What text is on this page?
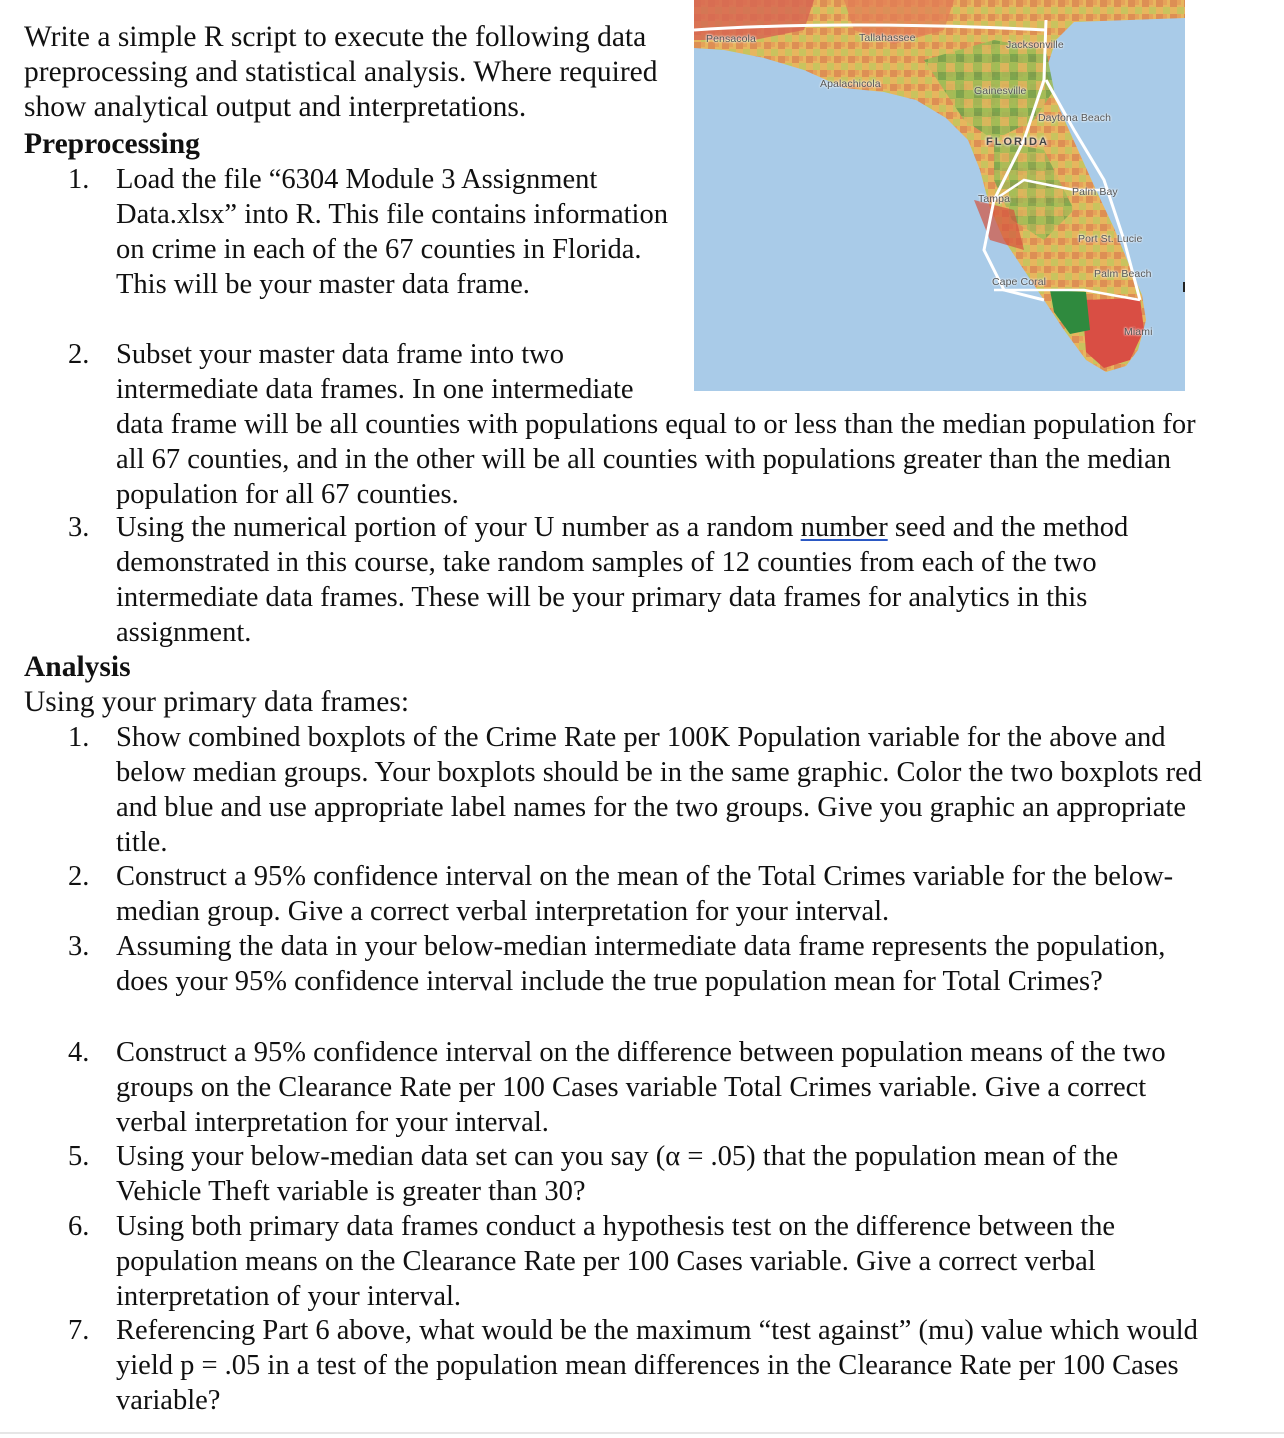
Write a simple R script to execute the following data preprocessing and statistical analysis. Where required show analytical output and interpretations.

Preprocessing

1. Load the file “6304 Module 3 Assignment Data.xlsx” into R. This file contains information on crime in each of the 67 counties in Florida. This will be your master data frame.
2. Subset your master data frame into two intermediate data frames. In one intermediate data frame will be all counties with populations equal to or less than the median population for all 67 counties, and in the other will be all counties with populations greater than the median population for all 67 counties.
3. Using the numerical portion of your U number as a random number seed and the method demonstrated in this course, take random samples of 12 counties from each of the two intermediate data frames. These will be your primary data frames for analytics in this assignment.

Analysis

Using your primary data frames:

1. Show combined boxplots of the Crime Rate per 100K Population variable for the above and below median groups. Your boxplots should be in the same graphic. Color the two boxplots red and blue and use appropriate label names for the two groups. Give you graphic an appropriate title.
2. Construct a 95% confidence interval on the mean of the Total Crimes variable for the below-median group. Give a correct verbal interpretation for your interval.
3. Assuming the data in your below-median intermediate data frame represents the population, does your 95% confidence interval include the true population mean for Total Crimes?
4. Construct a 95% confidence interval on the difference between population means of the two groups on the Clearance Rate per 100 Cases variable Total Crimes variable. Give a correct verbal interpretation for your interval.
5. Using your below-median data set can you say (α = .05) that the population mean of the Vehicle Theft variable is greater than 30?
6. Using both primary data frames conduct a hypothesis test on the difference between the population means on the Clearance Rate per 100 Cases variable. Give a correct verbal interpretation of your interval.
7. Referencing Part 6 above, what would be the maximum “test against” (mu) value which would yield p = .05 in a test of the population mean differences in the Clearance Rate per 100 Cases variable?
Pensacola	Tallahassee
Jacksonville
Apalachicola
Gainesville
Daytona Beach
FLORIDA
Tampa
Palm Bay
Port St. Lucie
Palm Beach
Cape Coral
Miami
